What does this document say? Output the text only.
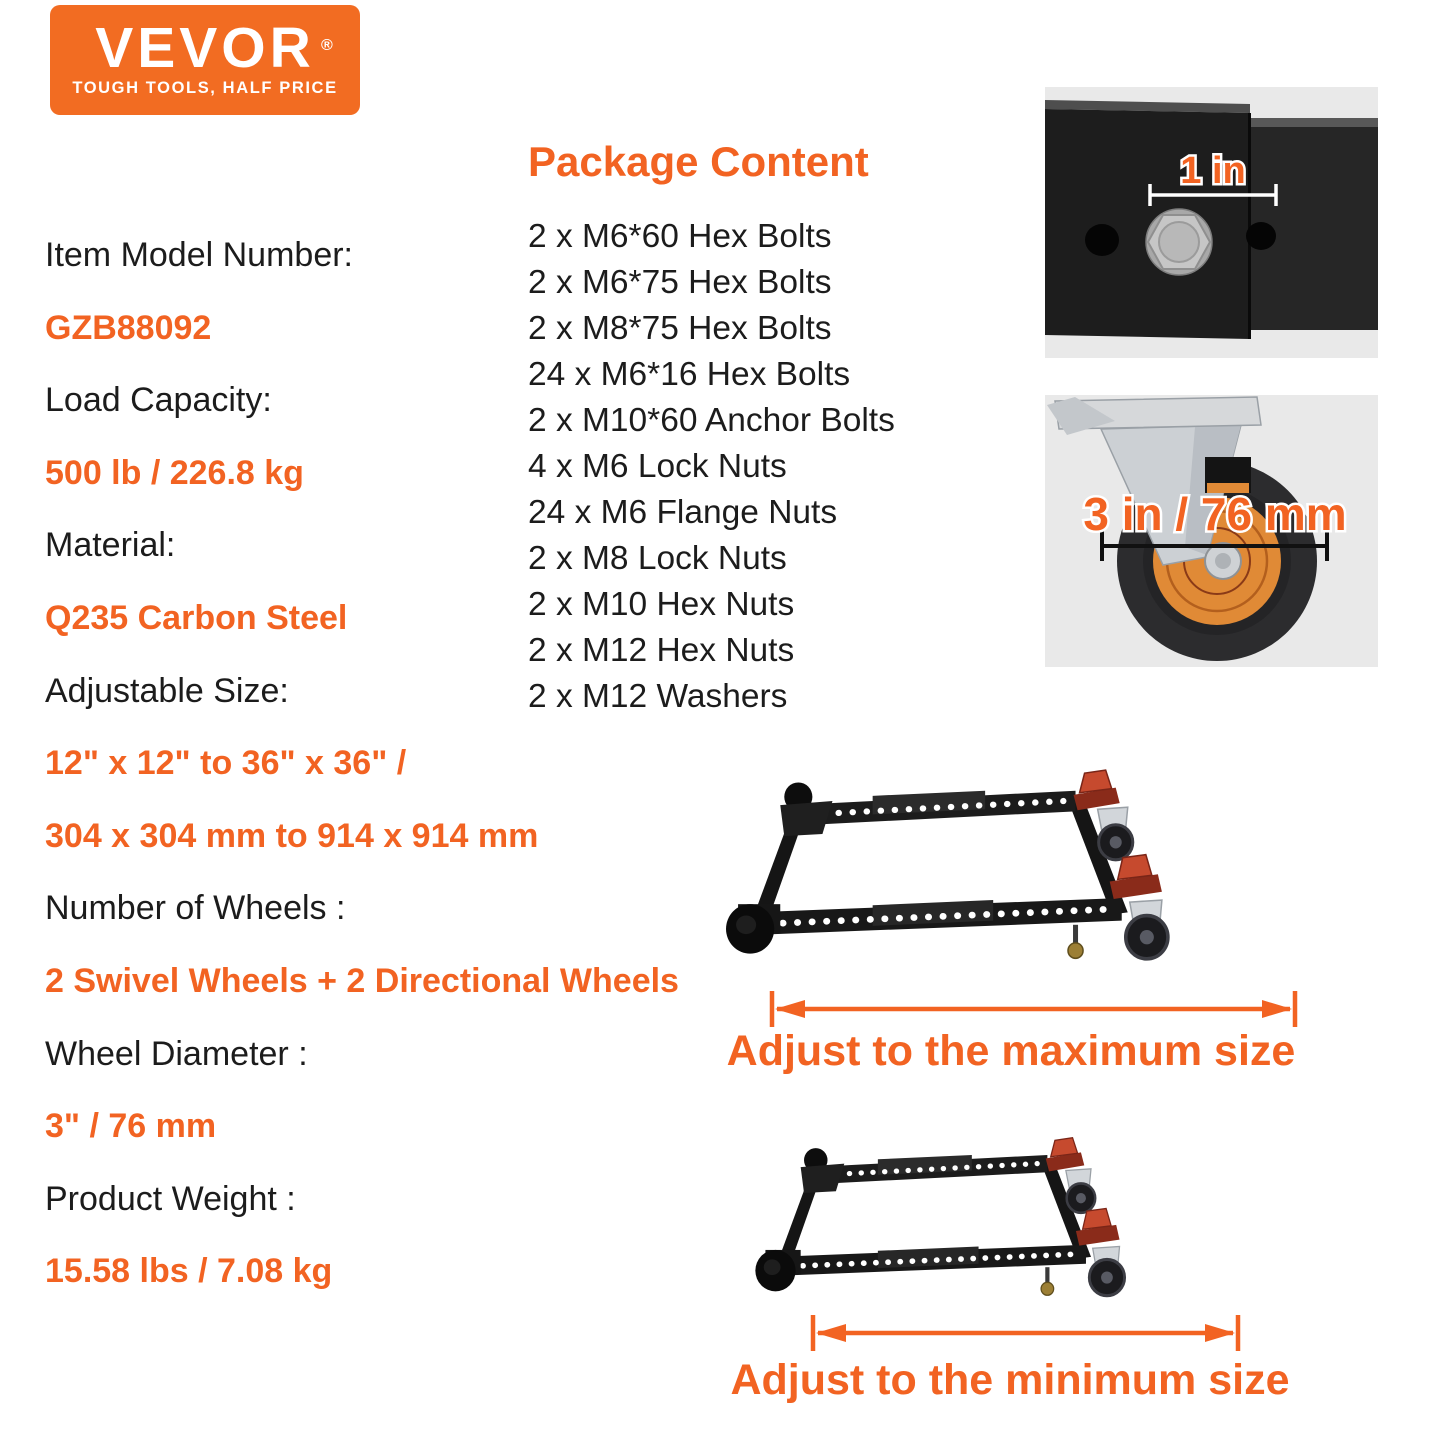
VEVOR ®
TOUGH TOOLS, HALF PRICE
Item Model Number:
GZB88092
Load Capacity:
500 lb / 226.8 kg
Material:
Q235 Carbon Steel
Adjustable Size:
12" x 12" to 36" x 36" /
304 x 304 mm to 914 x 914 mm
Number of Wheels :
2 Swivel Wheels + 2 Directional Wheels
Wheel Diameter :
3" / 76 mm
Product Weight :
15.58 lbs / 7.08 kg
Package Content
2 x M6*60 Hex Bolts
2 x M6*75 Hex Bolts
2 x M8*75 Hex Bolts
24 x M6*16 Hex Bolts
2 x M10*60 Anchor Bolts
4 x M6 Lock Nuts
24 x M6 Flange Nuts
2 x M8 Lock Nuts
2 x M10 Hex Nuts
2 x M12 Hex Nuts
2 x M12 Washers
1 in
3 in / 76 mm
Adjust to the maximum size
Adjust to the minimum size
